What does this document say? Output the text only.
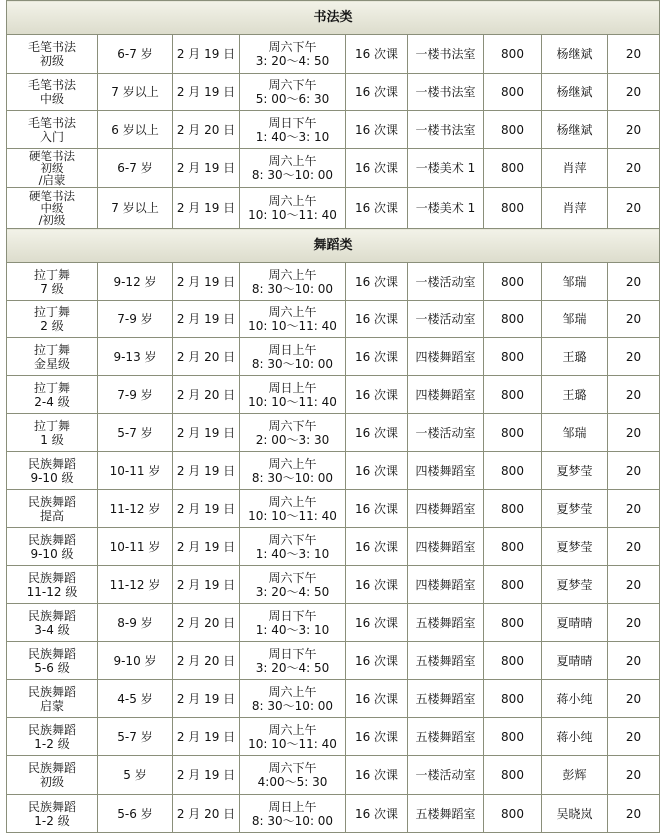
书法类								

毛笔书法
初级	6-7 岁	2 月 19 日	周六下午
3: 20～4: 50	16 次课	一楼书法室	800	杨继斌	20

毛笔书法
中级	7 岁以上	2 月 19 日	周六下午
5: 00～6: 30	16 次课	一楼书法室	800	杨继斌	20

毛笔书法
入门	6 岁以上	2 月 20 日	周日下午
1: 40～3: 10	16 次课	一楼书法室	800	杨继斌	20

硬笔书法
初级
/启蒙	6-7 岁	2 月 19 日	周六上午
8: 30～10: 00	16 次课	一楼美术 1	800	肖萍	20

硬笔书法
中级
/初级	7 岁以上	2 月 19 日	周六上午
10: 10～11: 40	16 次课	一楼美术 1	800	肖萍	20
舞蹈类								

拉丁舞
7 级	9-12 岁	2 月 19 日	周六上午
8: 30～10: 00	16 次课	一楼活动室	800	邹瑞	20

拉丁舞
2 级	7-9 岁	2 月 19 日	周六上午
10: 10～11: 40	16 次课	一楼活动室	800	邹瑞	20

拉丁舞
金星级	9-13 岁	2 月 20 日	周日上午
8: 30～10: 00	16 次课	四楼舞蹈室	800	王璐	20

拉丁舞
2-4 级	7-9 岁	2 月 20 日	周日上午
10: 10～11: 40	16 次课	四楼舞蹈室	800	王璐	20

拉丁舞
1 级	5-7 岁	2 月 19 日	周六下午
2: 00～3: 30	16 次课	一楼活动室	800	邹瑞	20

民族舞蹈
9-10 级	10-11 岁	2 月 19 日	周六上午
8: 30～10: 00	16 次课	四楼舞蹈室	800	夏梦莹	20

民族舞蹈
提高	11-12 岁	2 月 19 日	周六上午
10: 10～11: 40	16 次课	四楼舞蹈室	800	夏梦莹	20

民族舞蹈
9-10 级	10-11 岁	2 月 19 日	周六下午
1: 40～3: 10	16 次课	四楼舞蹈室	800	夏梦莹	20

民族舞蹈
11-12 级	11-12 岁	2 月 19 日	周六下午
3: 20～4: 50	16 次课	四楼舞蹈室	800	夏梦莹	20

民族舞蹈
3-4 级	8-9 岁	2 月 20 日	周日下午
1: 40～3: 10	16 次课	五楼舞蹈室	800	夏晴晴	20

民族舞蹈
5-6 级	9-10 岁	2 月 20 日	周日下午
3: 20～4: 50	16 次课	五楼舞蹈室	800	夏晴晴	20

民族舞蹈
启蒙	4-5 岁	2 月 19 日	周六上午
8: 30～10: 00	16 次课	五楼舞蹈室	800	蒋小纯	20

民族舞蹈
1-2 级	5-7 岁	2 月 19 日	周六上午
10: 10～11: 40	16 次课	五楼舞蹈室	800	蒋小纯	20

民族舞蹈
初级	5 岁	2 月 19 日	周六下午
4:00～5: 30	16 次课	一楼活动室	800	彭辉	20

民族舞蹈
1-2 级	5-6 岁	2 月 20 日	周日上午
8: 30～10: 00	16 次课	五楼舞蹈室	800	吴晓岚	20
